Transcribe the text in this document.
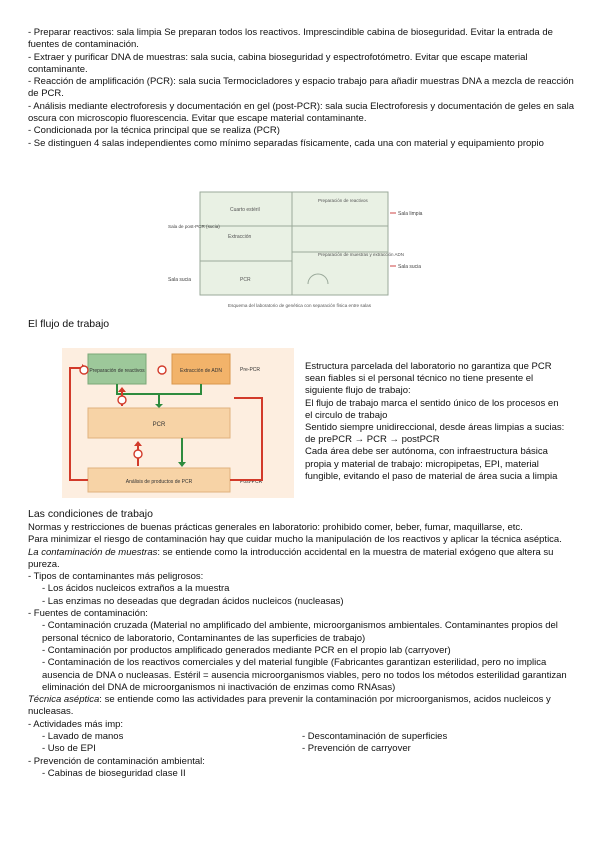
- Preparar reactivos: sala limpia Se preparan todos los reactivos. Imprescindible cabina de bioseguridad. Evitar la entrada de fuentes de contaminación.
- Extraer y purificar DNA de muestras: sala sucia, cabina bioseguridad y espectrofotómetro. Evitar que escape material contaminante.
- Reacción de amplificación (PCR): sala sucia Termocicladores y espacio trabajo para añadir muestras DNA a mezcla de reacción de PCR.
- Análisis mediante electroforesis y documentación en gel (post-PCR): sala sucia Electroforesis y documentación de geles en sala oscura con microscopio fluorescencia. Evitar que escape material contaminante.
- Condicionada por la técnica principal que se realiza (PCR)
- Se distinguen 4 salas independientes como mínimo separadas físicamente, cada una con material y equipamiento propio
Cuarto estéril
Preparación de reactivos
Extracción
Preparación de muestras y extracción ADN
PCR
Sala de post-PCR (sucia)
Sala sucia
Sala limpia
Sala sucia
Esquema del laboratorio de genética con separación física entre salas
El flujo de trabajo
Preparación de reactivos	Extracción de ADN
PCR
Análisis de productos de PCR
Pre-PCR
Post-PCR
Estructura parcelada del laboratorio no garantiza que PCR sean fiables si el personal técnico no tiene presente el siguiente flujo de trabajo:
El flujo de trabajo marca el sentido único de los procesos en el circulo de trabajo
Sentido siempre unidireccional, desde áreas limpias a sucias: de prePCR → PCR → postPCR
Cada área debe ser autónoma, con infraestructura básica propia y material de trabajo: micropipetas, EPI, material fungible, evitando el paso de material de área sucia a limpia
Las condiciones de trabajo
Normas y restricciones de buenas prácticas generales en laboratorio: prohibido comer, beber, fumar, maquillarse, etc.
Para minimizar el riesgo de contaminación hay que cuidar mucho la manipulación de los reactivos y aplicar la técnica aséptica.
La contaminación de muestras: se entiende como la introducción accidental en la muestra de material exógeno que altera su pureza.
- Tipos de contaminantes más peligrosos:
- Los ácidos nucleicos extraños a la muestra
- Las enzimas no deseadas que degradan ácidos nucleicos (nucleasas)
- Fuentes de contaminación:
- Contaminación cruzada (Material no amplificado del ambiente, microorganismos ambientales. Contaminantes propios del personal técnico de laboratorio, Contaminantes de las superficies de trabajo)
- Contaminación por productos amplificado generados mediante PCR en el propio lab (carryover)
- Contaminación de los reactivos comerciales y del material fungible (Fabricantes garantizan esterilidad, pero no implica ausencia de DNA o nucleasas. Estéril = ausencia microorganismos viables, pero no todos los métodos esterilidad garantizan eliminación del DNA de microorganismos ni inactivación de enzimas como RNAsas)
Técnica aséptica: se entiende como las actividades para prevenir la contaminación por microorganismos, acidos nucleicos y nucleasas.
- Actividades más imp:
- Lavado de manos
- Uso de EPI
- Descontaminación de superficies
- Prevención de carryover
- Prevención de contaminación ambiental:
- Cabinas de bioseguridad clase II
